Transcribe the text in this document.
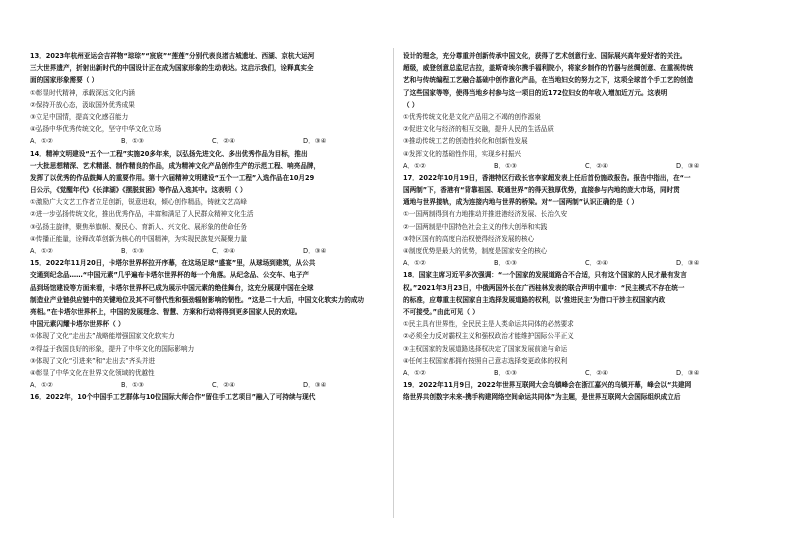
13．2023年杭州亚运会吉祥物“琮琮”“宸宸”“莲莲”分别代表良渚古城遗址、西湖、京杭大运河
三大世界遗产，折射出新时代的中国设计正在成为国家形象的生动表达。这启示我们，诠释真实全
面的国家形象需要（ ）
①彰显时代精神，承载深远文化内涵
②保持开放心态，汲取国外优秀成果
③立足中国情，提高文化感召能力
④弘扬中华优秀传统文化，坚守中华文化立场
A．①②	B．①③	C．②④	D．③④
14．精神文明建设“五个一工程”实施20多年来，以弘扬先进文化、多出优秀作品为目标，推出
一大批思想精深、艺术精湛、制作精良的作品，成为精神文化产品创作生产的示范工程、响亮品牌，
发挥了以优秀的作品鼓舞人的重要作用。第十六届精神文明建设“五个一工程”入选作品在10月29
日公示，《觉醒年代》《长津湖》《摆脱贫困》等作品入选其中。这表明（ ）
①激励广大文艺工作者立足创新，锐意进取，倾心创作精品，铸就文艺高峰
②进一步弘扬传统文化，推出优秀作品，丰富和满足了人民群众精神文化生活
③弘扬主旋律，聚焦举旗帜、聚民心、育新人、兴文化、展形象的使命任务
④传播正能量，诠释改革创新为核心的中国精神，为实现民族复兴凝聚力量
A．①②	B．①③	C．②④	D．③④
15．2022年11月20日，卡塔尔世界杯拉开序幕，在这场足球“盛宴”里，从球场到建筑，从公共
交通到纪念品……“中国元素”几乎遍布卡塔尔世界杯的每一个角落。从纪念品、公交车、电子产
品到场馆建设等方面来看，卡塔尔世界杯已成为展示中国元素的绝佳舞台，这充分展现中国在全球
制造业产业链供应链中的关键地位及其不可替代性和强劲辐射影响的韧性。“这是二十大后，中国文化软实力的成功
亮相。”在卡塔尔世界杯上，中国的发展理念、智慧、方案和行动将得到更多国家人民的欢迎。
中国元素闪耀卡塔尔世界杯（ ）
①体现了文化“走出去”战略能增强国家文化软实力
②得益于我国良好的形象，提升了中华文化的国际影响力
③体现了文化“引进来”和“走出去”齐头并进
④彰显了中华文化在世界文化领域的优越性
A．①②	B．①③	C．②④	D．③④
16．2022年，10个中国手工艺群体与10位国际大师合作“留住手工艺项目”融入了可持续与现代
设计的理念，充分尊重并创新传承中国文化，获得了艺术创意行业、国际展兴高年爱好者的关注。
超级，威登创意总监尼古拉，盖斯奇埃尔携手福利院小，将家乡制作的竹器与丝绸创意、在重视传统
艺和与传统编程工艺融合基础中创作意化产品，在当地妇女的努力之下，这项全球首个手工艺的创造
了这些国家等等，使得当地乡村参与这一项目的近172位妇女的年收入增加近万元。这表明
（ ）
①优秀传统文化是文化产品用之不竭的创作源泉
②促进文化与经济的相互交融，提升人民的生活品质
③推动传统工艺的创造性转化和创新性发展
④发挥文化的基础性作用，实现乡村振兴
A．①②	B．①③	C．②④	D．③④
17．2022年10月19日，香港特区行政长官李家超发表上任后首份施政报告。报告中指出，在“一
国两制”下，香港有“背靠祖国、联通世界”的得天独厚优势，直接参与内地的庞大市场，同时贯
通地与世界接轨，成为连接内地与世界的桥梁。对“一国两制”认识正确的是（ ）
①一国两制得到有力地推动并推进港经济发展、长治久安
②一国两制是中国特色社会主义的伟大创举和实践
③特区国有的高度自治权使得经济发展的核心
④制度优势是最大的优势，制度是国家安全的核心
A．①②	B．①③	C．②④	D．③④
18．国家主席习近平多次强调：“一个国家的发展道路合不合适，只有这个国家的人民才最有发言
权。”2021年3月23日，中俄两国外长在广西桂林发表的联合声明中重申：“民主模式不存在统一
的标准，应尊重主权国家自主选择发展道路的权利，以‘推进民主’为借口干涉主权国家内政
不可接受。”由此可见（ ）
①民主具有世界性，全民民主是人类命运共同体的必然要求
②必须全力反对霸权主义和强权政治才能维护国际公平正义
③主权国家的发展道路选择权决定了国家发展前途与命运
④任何主权国家都拥有按照自己意志选择变更政体的权利
A．①②	B．①③	C．②④	D．③④
19．2022年11月9日，2022年世界互联网大会乌镇峰会在浙江嘉兴的乌镇开幕，峰会以“共建网
络世界共创数字未来-携手构建网络空间命运共同体”为主题，是世界互联网大会国际组织成立后
